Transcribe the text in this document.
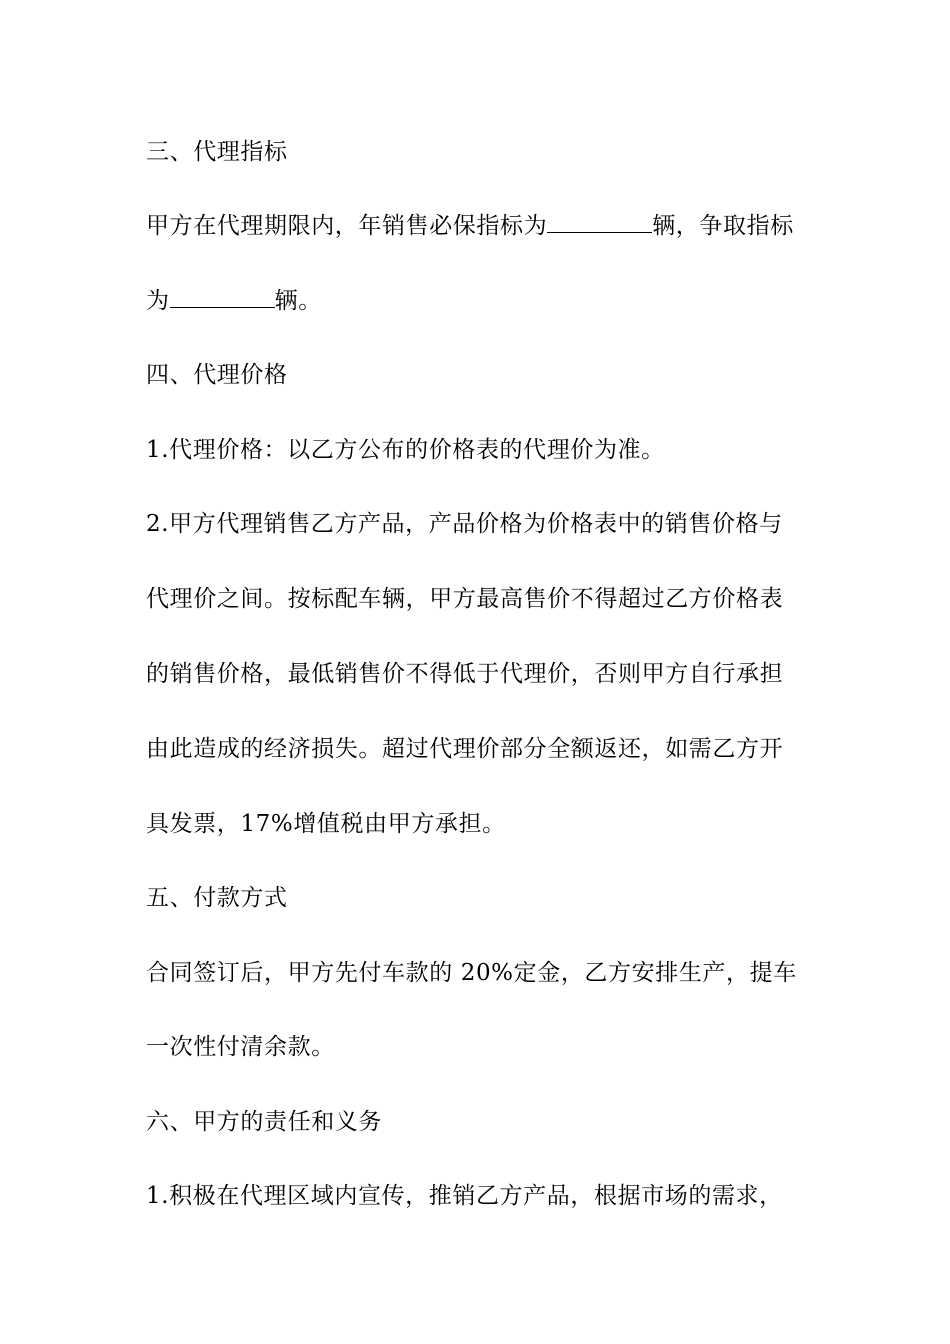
三、代理指标
甲方在代理期限内，年销售必保指标为	辆，争取指标
为	辆。
四、代理价格
1.代理价格：以乙方公布的价格表的代理价为准。
2.甲方代理销售乙方产品，产品价格为价格表中的销售价格与
代理价之间。按标配车辆，甲方最高售价不得超过乙方价格表
的销售价格，最低销售价不得低于代理价，否则甲方自行承担
由此造成的经济损失。超过代理价部分全额返还，如需乙方开
具发票，17%增值税由甲方承担。
五、付款方式
合同签订后，甲方先付车款的 20%定金，乙方安排生产，提车
一次性付清余款。
六、甲方的责任和义务
1.积极在代理区域内宣传，推销乙方产品，根据市场的需求，
